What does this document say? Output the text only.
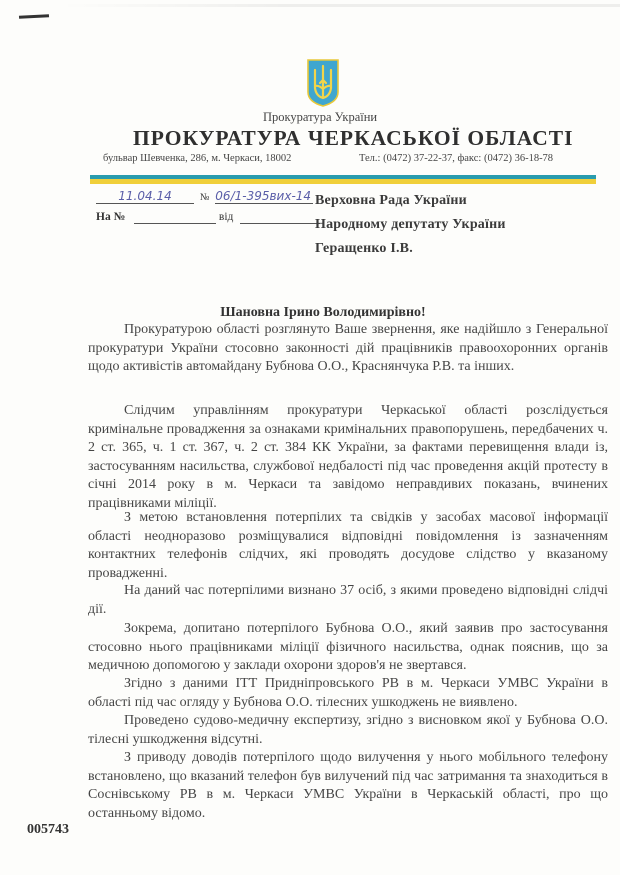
Прокуратура України
ПРОКУРАТУРА ЧЕРКАСЬКОЇ ОБЛАСТІ
бульвар Шевченка, 286, м. Черкаси, 18002	Тел.: (0472) 37-22-37, факс: (0472) 36-18-78
11.04.14	№ 06/1-395вих-14
На №	від
Верховна Рада України
Народному депутату України
Геращенко І.В.
Шановна Ірино Володимирівно!

Прокуратурою області розглянуто Ваше звернення, яке надійшло з Генеральної прокуратури України стосовно законності дій працівників правоохоронних органів щодо активістів автомайдану Бубнова О.О., Краснянчука Р.В. та інших.

Слідчим управлінням прокуратури Черкаської області розслідується кримінальне провадження за ознаками кримінальних правопорушень, передбачених ч. 2 ст. 365, ч. 1 ст. 367, ч. 2 ст. 384 КК України, за фактами перевищення влади із, застосуванням насильства, службової недбалості під час проведення акцій протесту в січні 2014 року в м. Черкаси та завідомо неправдивих показань, вчинених працівниками міліції.

З метою встановлення потерпілих та свідків у засобах масової інформації області неодноразово розміщувалися відповідні повідомлення із зазначенням контактних телефонів слідчих, які проводять досудове слідство у вказаному провадженні.

На даний час потерпілими визнано 37 осіб, з якими проведено відповідні слідчі дії.

Зокрема, допитано потерпілого Бубнова О.О., який заявив про застосування стосовно нього працівниками міліції фізичного насильства, однак пояснив, що за медичною допомогою у заклади охорони здоров'я не звертався.

Згідно з даними ІТТ Придніпровського РВ в м. Черкаси УМВС України в області під час огляду у Бубнова О.О. тілесних ушкоджень не виявлено.

Проведено судово-медичну експертизу, згідно з висновком якої у Бубнова О.О. тілесні ушкодження відсутні.

З приводу доводів потерпілого щодо вилучення у нього мобільного телефону встановлено, що вказаний телефон був вилучений під час затримання та знаходиться в Соснівському РВ в м. Черкаси УМВС України в Черкаській області, про що останньому відомо.

005743
